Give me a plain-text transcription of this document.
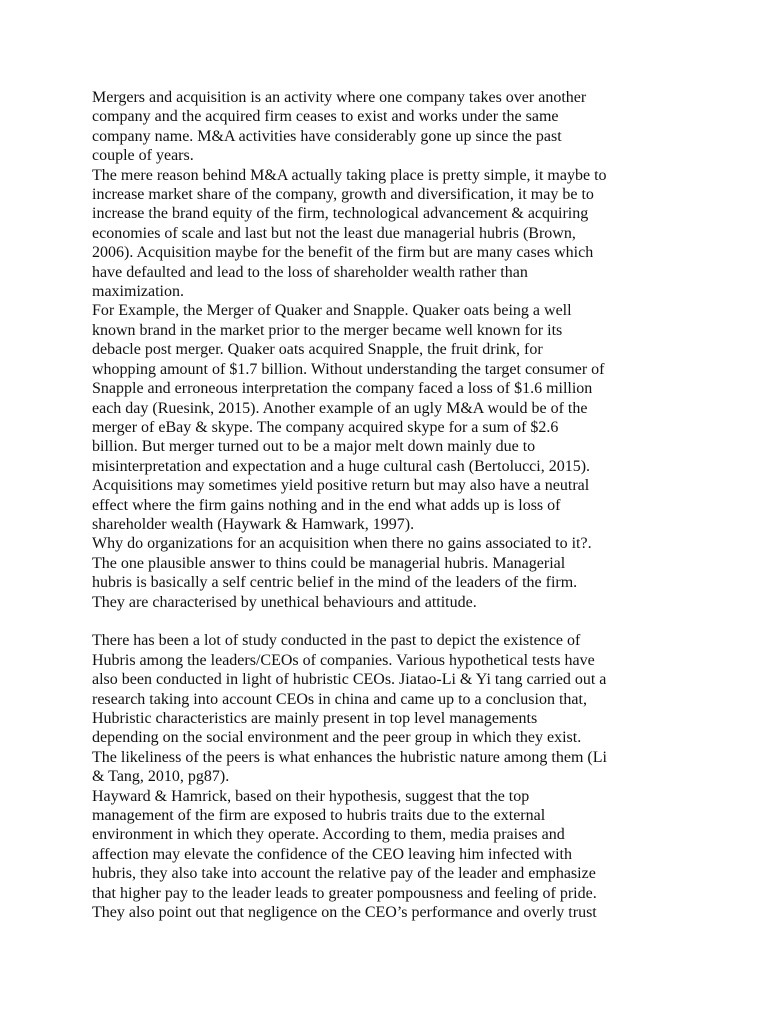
Mergers and acquisition is an activity where one company takes over another
company and the acquired firm ceases to exist and works under the same
company name. M&A activities have considerably gone up since the past
couple of years.
The mere reason behind M&A actually taking place is pretty simple, it maybe to
increase market share of the company, growth and diversification, it may be to
increase the brand equity of the firm, technological advancement & acquiring
economies of scale and last but not the least due managerial hubris (Brown,
2006). Acquisition maybe for the benefit of the firm but are many cases which
have defaulted and lead to the loss of shareholder wealth rather than
maximization.
For Example, the Merger of Quaker and Snapple. Quaker oats being a well
known brand in the market prior to the merger became well known for its
debacle post merger. Quaker oats acquired Snapple, the fruit drink, for
whopping amount of $1.7 billion. Without understanding the target consumer of
Snapple and erroneous interpretation the company faced a loss of $1.6 million
each day (Ruesink, 2015). Another example of an ugly M&A would be of the
merger of eBay & skype. The company acquired skype for a sum of $2.6
billion. But merger turned out to be a major melt down mainly due to
misinterpretation and expectation and a huge cultural cash (Bertolucci, 2015).
Acquisitions may sometimes yield positive return but may also have a neutral
effect where the firm gains nothing and in the end what adds up is loss of
shareholder wealth (Haywark & Hamwark, 1997).
Why do organizations for an acquisition when there no gains associated to it?.
The one plausible answer to thins could be managerial hubris. Managerial
hubris is basically a self centric belief in the mind of the leaders of the firm.
They are characterised by unethical behaviours and attitude.
There has been a lot of study conducted in the past to depict the existence of
Hubris among the leaders/CEOs of companies. Various hypothetical tests have
also been conducted in light of hubristic CEOs. Jiatao-Li & Yi tang carried out a
research taking into account CEOs in china and came up to a conclusion that,
Hubristic characteristics are mainly present in top level managements
depending on the social environment and the peer group in which they exist.
The likeliness of the peers is what enhances the hubristic nature among them (Li
& Tang, 2010, pg87).
Hayward & Hamrick, based on their hypothesis, suggest that the top
management of the firm are exposed to hubris traits due to the external
environment in which they operate. According to them, media praises and
affection may elevate the confidence of the CEO leaving him infected with
hubris, they also take into account the relative pay of the leader and emphasize
that higher pay to the leader leads to greater pompousness and feeling of pride.
They also point out that negligence on the CEO’s performance and overly trust
